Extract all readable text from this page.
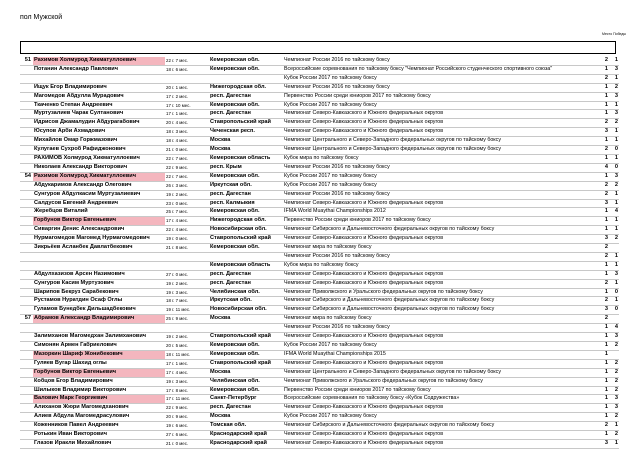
пол Мужской
Место Победы
51	Рахимов Холмурод Хикматуллоевич	22 г. 7 мес.	Кемеровская обл.	Чемпионат России 2016 по тайскому боксу	2	1
	Потанин Александр Павлович	18 г. 6 мес.	Кемеровская обл.	Всероссийские соревнования по тайскому боксу "Чемпионат Российского студенческого спортивного союза"	1	3
				Кубок России 2017 по тайскому боксу	2	1
	Ищук Егор Владимирович	20 г. 1 мес.	Нижегородская обл.	Чемпионат России 2016 по тайскому боксу	1	2
	Магомедов Абдулла Мурадович	17 г. 2 мес.	респ. Дагестан	Первенство России среди юниоров 2017 по тайскому боксу	1	3
	Ткаченко Степан Андреевич	17 г. 10 мес.	Кемеровская обл.	Кубок России 2017 по тайскому боксу	1	1
	Муртузалиев Чарак Султанович	17 г. 1 мес.	респ. Дагестан	Чемпионат Северо-Кавказского и Южного федеральных округов	1	3
	Идрисов Джамалудин Абдурагабович	20 г. 4 мес.	Ставропольский край	Чемпионат Северо-Кавказского и Южного федеральных округов	2	2
	Юсупов Арби Ахмадович	18 г. 3 мес.	Чеченская респ.	Чемпионат Северо-Кавказского и Южного федеральных округов	3	1
	Михайлов Омар Горжмазович	18 г. 4 мес.	Москва	Чемпионат Центрального и Северо-Западного федеральных округов по тайскому боксу	1	1
	Кулугаев Сухроб Рафиджонович	21 г. 0 мес.	Москва	Чемпионат Центрального и Северо-Западного федеральных округов по тайскому боксу	2	0
	РАХИМОВ Холмурод Хикматуллоевич	22 г. 7 мес.	Кемеровская область	Кубок мира по тайскому боксу	1	1
	Николаев Александр Викторович	22 г. 9 мес.	респ. Крым	Чемпионат России 2016 по тайскому боксу	4	0
54	Рахимов Холмурод Хикматуллоевич	22 г. 7 мес.	Кемеровская обл.	Кубок России 2017 по тайскому боксу	1	3
	Абдукаримов Александр Олегович	26 г. 3 мес.	Иркутская обл.	Кубок России 2017 по тайскому боксу	2	2
	Сунгуров Абдулкасим Муртузалиевич	19 г. 2 мес.	респ. Дагестан	Чемпионат России 2016 по тайскому боксу	2	1
	Салдусов Евгений Андреевич	23 г. 0 мес.	респ. Калмыкия	Чемпионат Северо-Кавказского и Южного федеральных округов	3	1
	Жеребцов Виталий	25 г. 7 мес.	Кемеровская обл.	IFMA World Muaythai Championships 2012	1	4
	Горбунов Виктор Евгеньевич	17 г. 4 мес.	Нижегородская обл.	Первенство России среди юниоров 2017 по тайскому боксу	1	1
	Сиваргин Денис Александрович	22 г. 4 мес.	Новосибирская обл.	Чемпионат Сибирского и Дальневосточного федеральных округов по тайскому боксу	1	1
	Нурмагомедов Магомед Нурмагомедович	19 г. 0 мес.	Ставропольский край	Чемпионат Северо-Кавказского и Южного федеральных округов	3	2
	Зикрьёев Асланбек Давлатбекович	21 г. 8 мес.	Кемеровская обл.	Чемпионат мира по тайскому боксу	2	
				Чемпионат России 2016 по тайскому боксу	2	1
			Кемеровская область	Кубок мира по тайскому боксу	1	1
	Абдулхазизов Арсен Назимович	27 г. 0 мес.	респ. Дагестан	Чемпионат Северо-Кавказского и Южного федеральных округов	1	3
	Сунгуров Касим Муртузович	19 г. 2 мес.	респ. Дагестан	Чемпионат Северо-Кавказского и Южного федеральных округов	2	1
	Шарипов Бекруз Сарабекович	19 г. 3 мес.	Челябинская обл.	Чемпионат Приволжского и Уральского федеральных округов по тайскому боксу	1	0
	Рустамов Нуратдин Осаф Оглы	18 г. 7 мес.	Иркутская обл.	Чемпионат Сибирского и Дальневосточного федеральных округов по тайскому боксу	2	1
	Гуламов Бунедбек Дильшадбекович	19 г. 11 мес.	Новосибирская обл.	Чемпионат Сибирского и Дальневосточного федеральных округов по тайскому боксу	3	0
57	Абрамов Александр Владимирович	25 г. 9 мес.	Москва	Чемпионат мира по тайскому боксу	2	
				Чемпионат России 2016 по тайскому боксу	1	4
	Залимханов Магомедхан Залимханович	19 г. 2 мес.	Ставропольский край	Чемпионат Северо-Кавказского и Южного федеральных округов	1	3
	Симонян Армен Габриелович	20 г. 5 мес.	Кемеровская обл.	Кубок России 2017 по тайскому боксу	1	2
	Мазоркин Шариф Жонибекович	18 г. 11 мес.	Кемеровская обл.	IFMA World Muaythai Championships 2015	1	
	Гуляев Вугар Шахид оглы	17 г. 1 мес.	Ставропольский край	Чемпионат Северо-Кавказского и Южного федеральных округов	1	2
	Горбунов Виктор Евгеньевич	17 г. 4 мес.	Москва	Чемпионат Центрального и Северо-Западного федеральных округов по тайскому боксу	1	2
	Кобцов Егор Владимирович	19 г. 3 мес.	Челябинская обл.	Чемпионат Приволжского и Уральского федеральных округов по тайскому боксу	1	2
	Шилыков Владимир Викторович	17 г. 8 мес.	Кемеровская обл.	Первенство России среди юниоров 2017 по тайскому боксу	1	2
	Валович Марк Георгиевич	17 г. 11 мес.	Санкт-Петербург	Всероссийские соревнования по тайскому боксу «Кубок Содружества»	1	3
	Алиханов Жюри Магомедханович	22 г. 9 мес.	респ. Дагестан	Чемпионат Северо-Кавказского и Южного федеральных округов	1	3
	Алиев Абдула Магомедрасулович	20 г. 9 мес.	Москва	Кубок России 2017 по тайскому боксу	1	2
	Коженников Павел Андреевич	19 г. 6 мес.	Томская обл.	Чемпионат Сибирского и Дальневосточного федеральных округов по тайскому боксу	2	1
	Ротькин Иван Викторович	27 г. 6 мес.	Краснодарский край	Чемпионат Северо-Кавказского и Южного федеральных округов	1	2
	Глазов Иракли Михайлович	21 г. 0 мес.	Краснодарский край	Чемпионат Северо-Кавказского и Южного федеральных округов	3	1
